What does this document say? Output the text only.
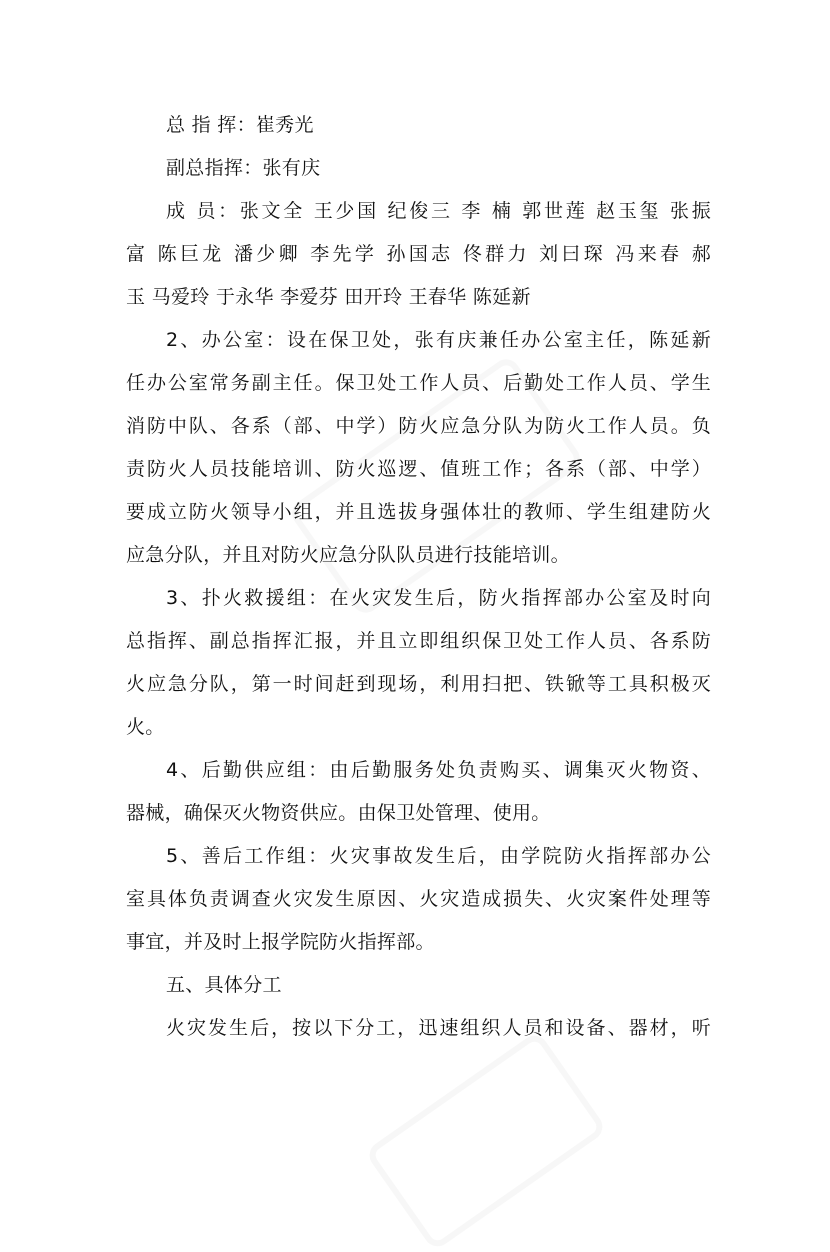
总 指 挥：崔秀光
副总指挥：张有庆
成 员：张文全 王少国 纪俊三 李 楠 郭世莲 赵玉玺 张振
富 陈巨龙 潘少卿 李先学 孙国志 佟群力 刘曰琛 冯来春 郝
玉 马爱玲 于永华 李爱芬 田开玲 王春华 陈延新
2、办公室：设在保卫处，张有庆兼任办公室主任，陈延新
任办公室常务副主任。保卫处工作人员、后勤处工作人员、学生
消防中队、各系（部、中学）防火应急分队为防火工作人员。负
责防火人员技能培训、防火巡逻、值班工作；各系（部、中学）
要成立防火领导小组，并且选拔身强体壮的教师、学生组建防火
应急分队，并且对防火应急分队队员进行技能培训。
3、扑火救援组：在火灾发生后，防火指挥部办公室及时向
总指挥、副总指挥汇报，并且立即组织保卫处工作人员、各系防
火应急分队，第一时间赶到现场，利用扫把、铁锨等工具积极灭
火。
4、后勤供应组：由后勤服务处负责购买、调集灭火物资、
器械，确保灭火物资供应。由保卫处管理、使用。
5、善后工作组：火灾事故发生后，由学院防火指挥部办公
室具体负责调查火灾发生原因、火灾造成损失、火灾案件处理等
事宜，并及时上报学院防火指挥部。
五、具体分工
火灾发生后，按以下分工，迅速组织人员和设备、器材，听
